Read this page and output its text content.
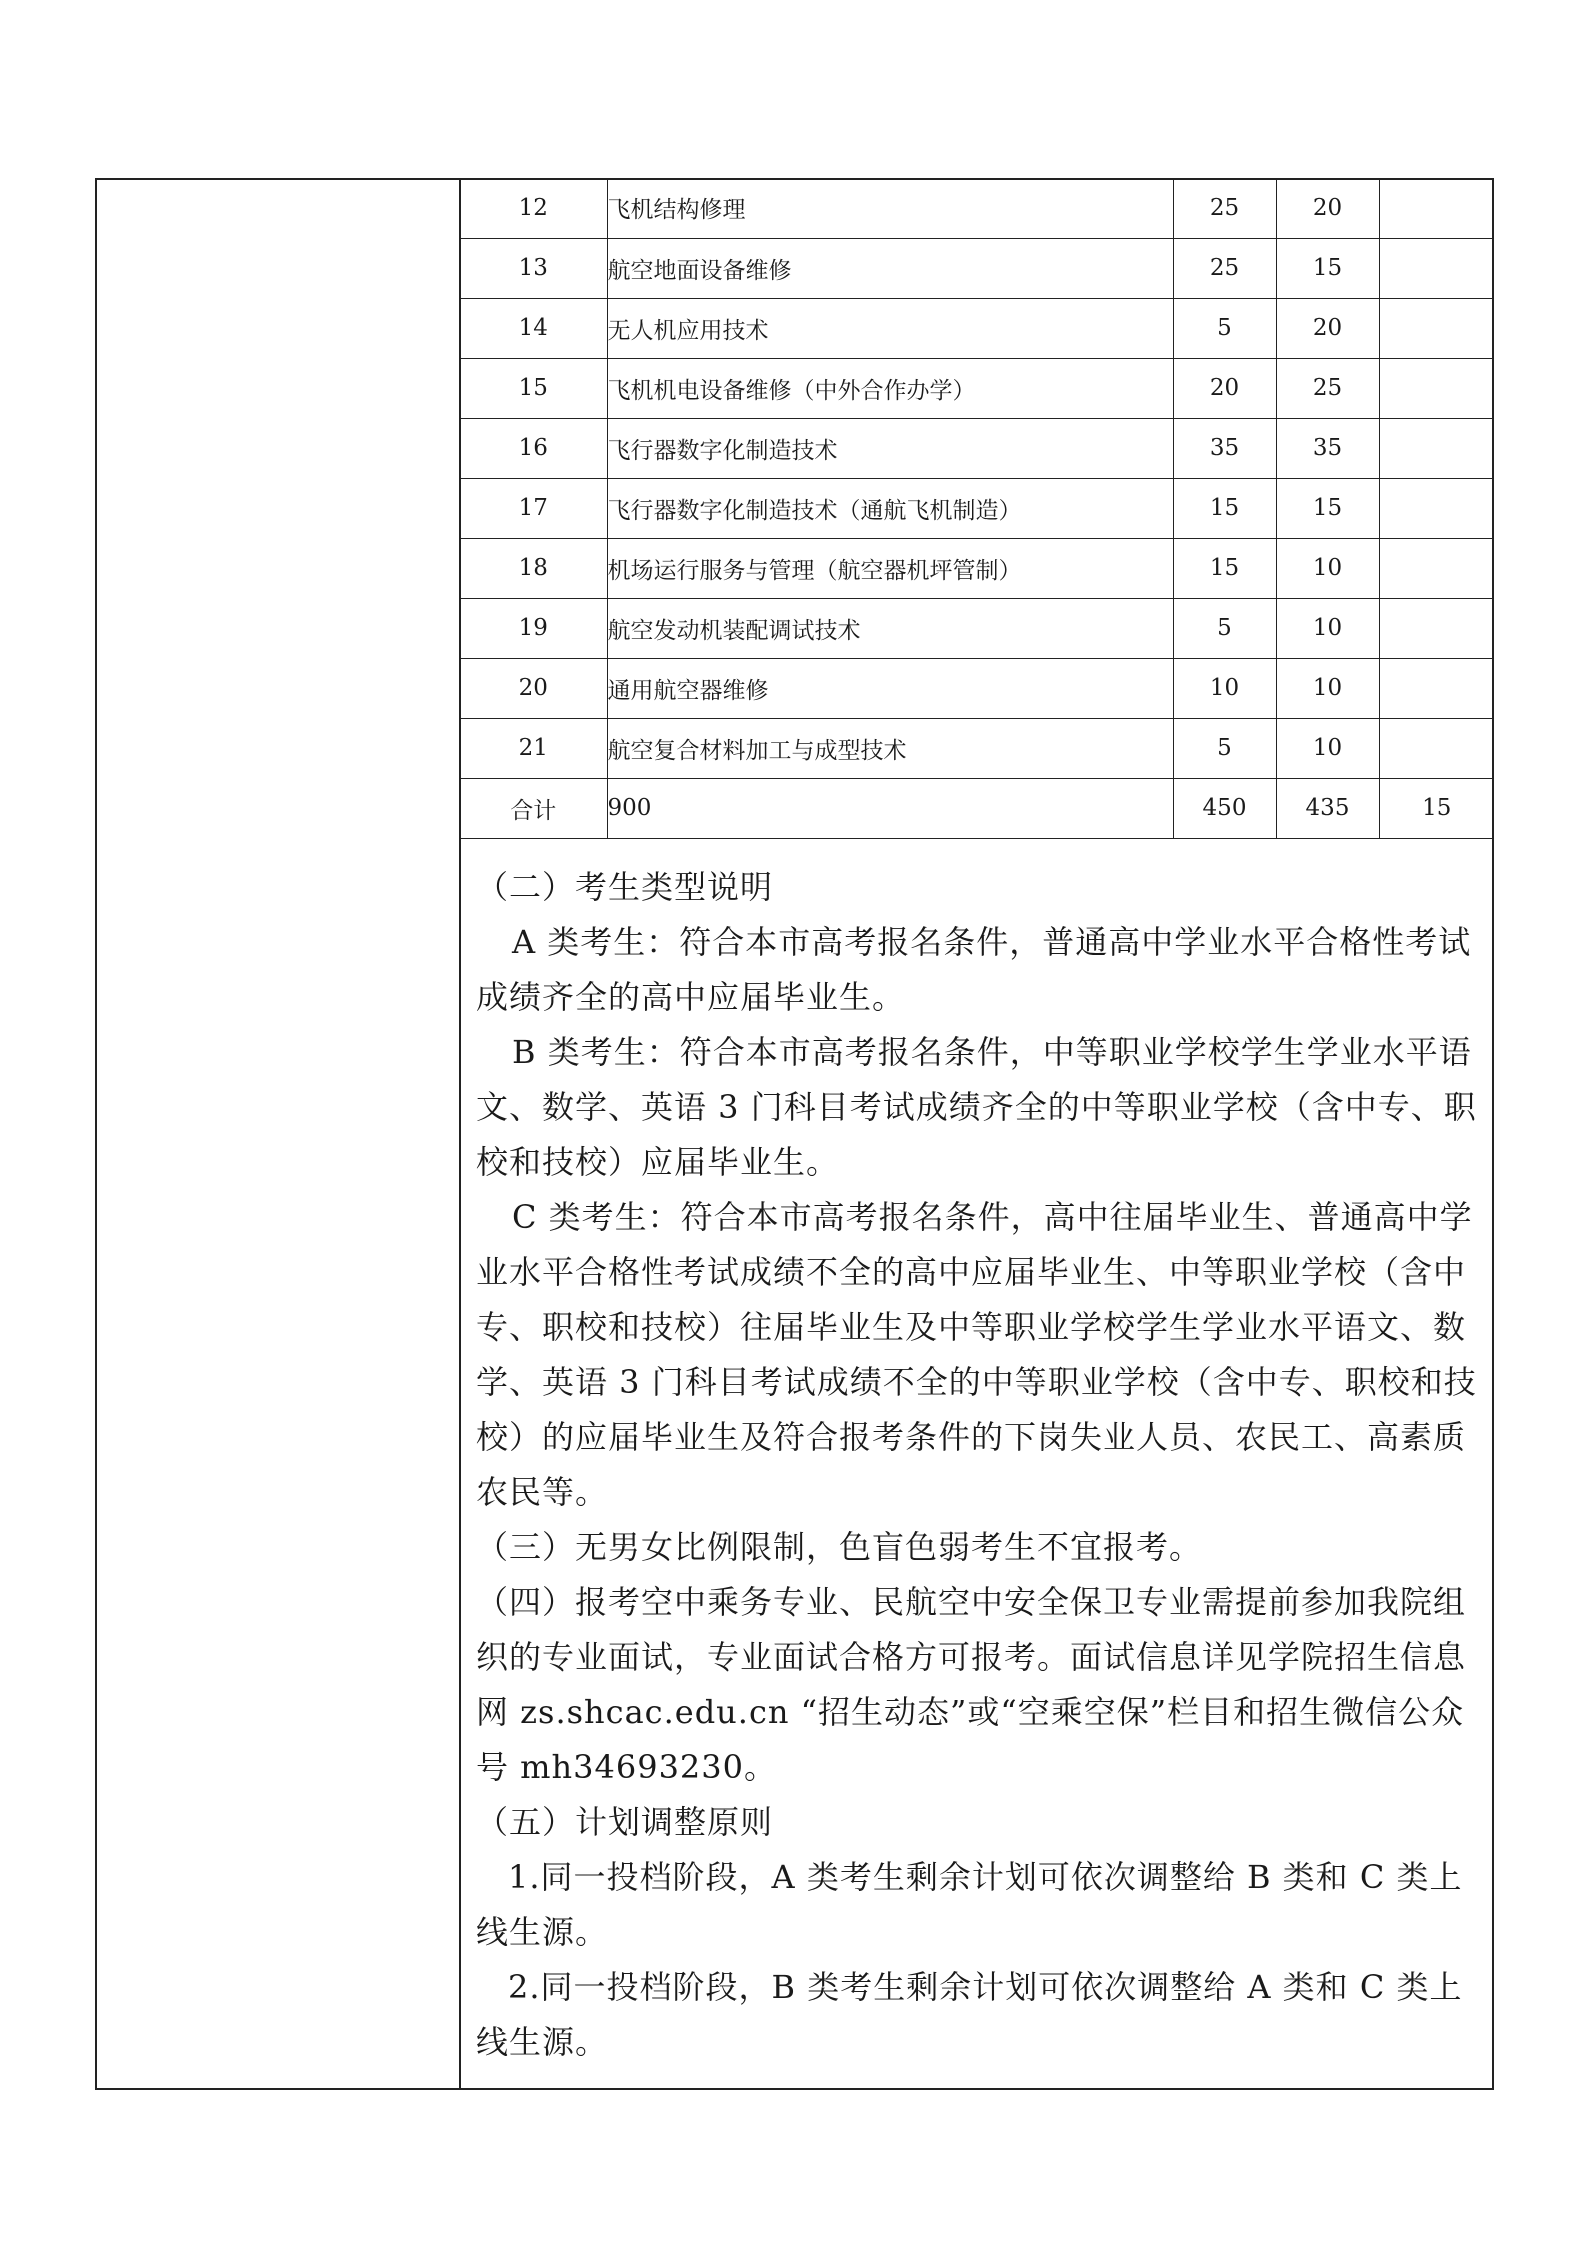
12	飞机结构修理	25	20	
13	航空地面设备维修	25	15	
14	无人机应用技术	5	20	
15	飞机机电设备维修（中外合作办学）	20	25	
16	飞行器数字化制造技术	35	35	
17	飞行器数字化制造技术（通航飞机制造）	15	15	
18	机场运行服务与管理（航空器机坪管制）	15	10	
19	航空发动机装配调试技术	5	10	
20	通用航空器维修	10	10	
21	航空复合材料加工与成型技术	5	10	
合计	900	450	435	15

（二）考生类型说明

A 类考生：符合本市高考报名条件，普通高中学业水平合格性考试成绩齐全的高中应届毕业生。

B 类考生：符合本市高考报名条件，中等职业学校学生学业水平语文、数学、英语 3 门科目考试成绩齐全的中等职业学校（含中专、职校和技校）应届毕业生。

C 类考生：符合本市高考报名条件，高中往届毕业生、普通高中学业水平合格性考试成绩不全的高中应届毕业生、中等职业学校（含中专、职校和技校）往届毕业生及中等职业学校学生学业水平语文、数学、英语 3 门科目考试成绩不全的中等职业学校（含中专、职校和技校）的应届毕业生及符合报考条件的下岗失业人员、农民工、高素质农民等。

（三）无男女比例限制，色盲色弱考生不宜报考。

（四）报考空中乘务专业、民航空中安全保卫专业需提前参加我院组织的专业面试，专业面试合格方可报考。面试信息详见学院招生信息网 zs.shcac.edu.cn “招生动态”或“空乘空保”栏目和招生微信公众号 mh34693230。

（五）计划调整原则

1.同一投档阶段，A 类考生剩余计划可依次调整给 B 类和 C 类上线生源。

2.同一投档阶段，B 类考生剩余计划可依次调整给 A 类和 C 类上线生源。
